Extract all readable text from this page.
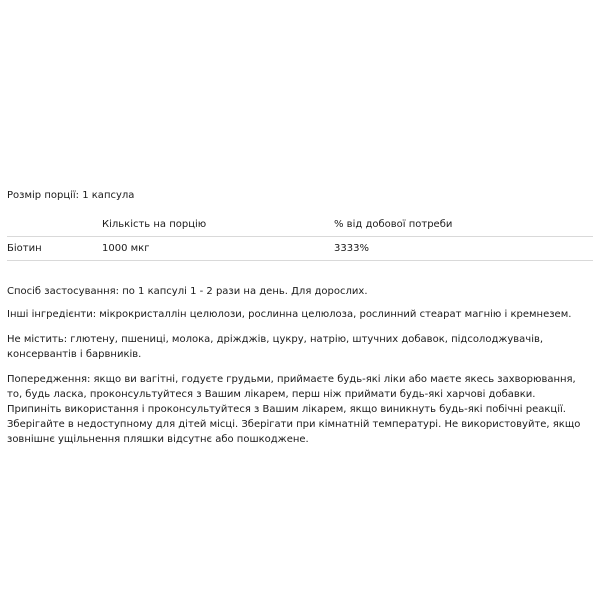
Розмір порції: 1 капсула
	Кількість на порцію	% від добової потреби
Біотин	1000 мкг	3333%

Спосіб застосування: по 1 капсулі 1 - 2 рази на день. Для дорослих.

Інші інгредієнти: мікрокристаллін целюлози, рослинна целюлоза, рослинний стеарат магнію і кремнезем.

Не містить: глютену, пшениці, молока, дріжджів, цукру, натрію, штучних добавок, підсолоджувачів, консервантів і барвників.

Попередження: якщо ви вагітні, годуєте грудьми, приймаєте будь-які ліки або маєте якесь захворювання, то, будь ласка, проконсультуйтеся з Вашим лікарем, перш ніж приймати будь-які харчові добавки. Припиніть використання і проконсультуйтеся з Вашим лікарем, якщо виникнуть будь-які побічні реакції. Зберігайте в недоступному для дітей місці. Зберігати при кімнатній температурі. Не використовуйте, якщо зовнішнє ущільнення пляшки відсутнє або пошкоджене.
